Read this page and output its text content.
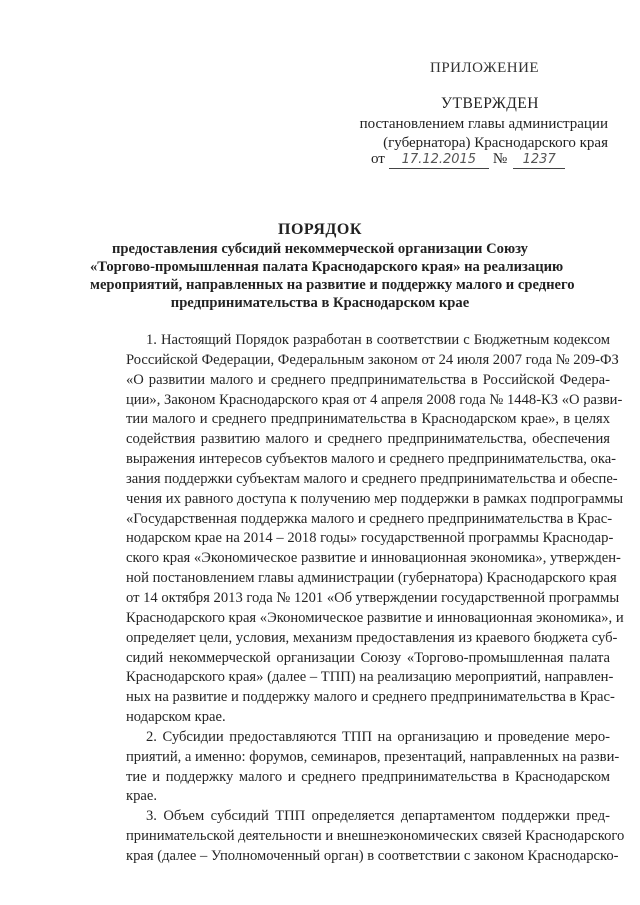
ПРИЛОЖЕНИЕ
УТВЕРЖДЕН
постановлением главы администрации
(губернатора) Краснодарского края
от 17.12.2015 № 1237
ПОРЯДОК
предоставления субсидий некоммерческой организации Союзу
«Торгово-промышленная палата Краснодарского края» на реализацию
мероприятий, направленных на развитие и поддержку малого и среднего
предпринимательства в Краснодарском крае
1. Настоящий Порядок разработан в соответствии с Бюджетным кодексом
Российской Федерации, Федеральным законом от 24 июля 2007 года № 209-ФЗ
«О развитии малого и среднего предпринимательства в Российской Федера-
ции», Законом Краснодарского края от 4 апреля 2008 года № 1448-КЗ «О разви-
тии малого и среднего предпринимательства в Краснодарском крае», в целях
содействия развитию малого и среднего предпринимательства, обеспечения
выражения интересов субъектов малого и среднего предпринимательства, ока-
зания поддержки субъектам малого и среднего предпринимательства и обеспе-
чения их равного доступа к получению мер поддержки в рамках подпрограммы
«Государственная поддержка малого и среднего предпринимательства в Крас-
нодарском крае на 2014 – 2018 годы» государственной программы Краснодар-
ского края «Экономическое развитие и инновационная экономика», утвержден-
ной постановлением главы администрации (губернатора) Краснодарского края
от 14 октября 2013 года № 1201 «Об утверждении государственной программы
Краснодарского края «Экономическое развитие и инновационная экономика», и
определяет цели, условия, механизм предоставления из краевого бюджета суб-
сидий некоммерческой организации Союзу «Торгово-промышленная палата
Краснодарского края» (далее – ТПП) на реализацию мероприятий, направлен-
ных на развитие и поддержку малого и среднего предпринимательства в Крас-
нодарском крае.
2. Субсидии предоставляются ТПП на организацию и проведение меро-
приятий, а именно: форумов, семинаров, презентаций, направленных на разви-
тие и поддержку малого и среднего предпринимательства в Краснодарском
крае.
3. Объем субсидий ТПП определяется департаментом поддержки пред-
принимательской деятельности и внешнеэкономических связей Краснодарского
края (далее – Уполномоченный орган) в соответствии с законом Краснодарско-
